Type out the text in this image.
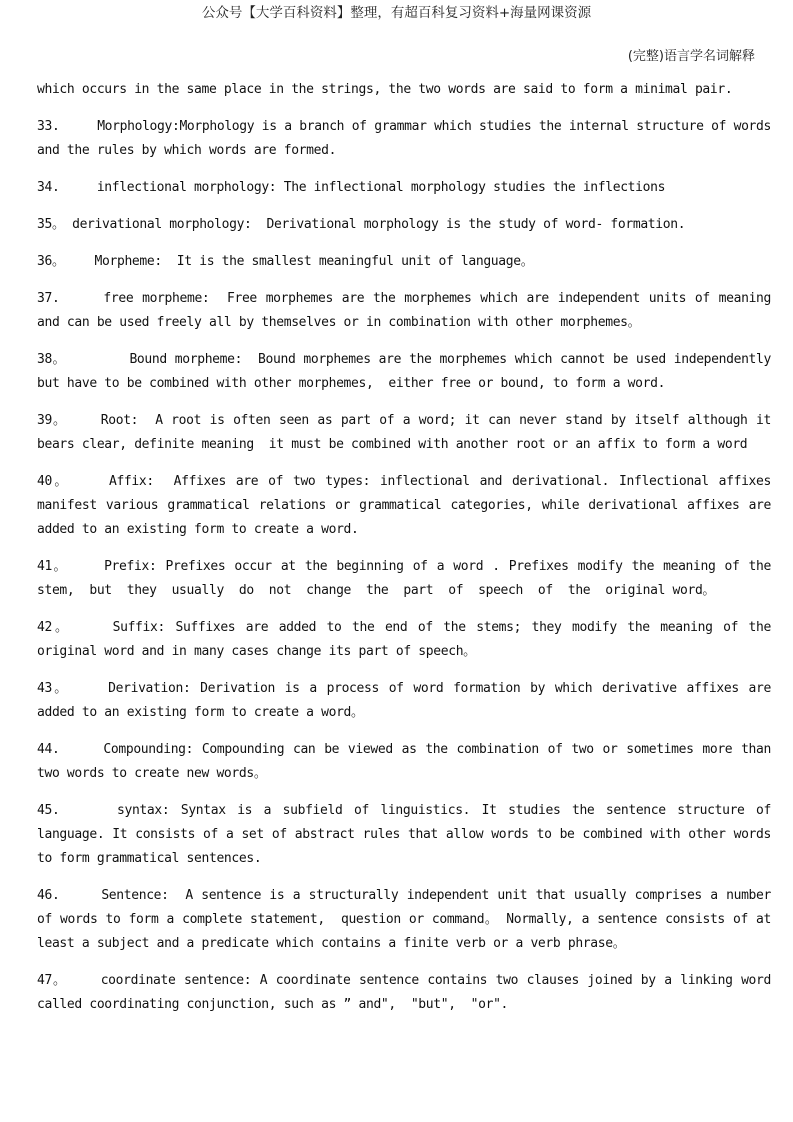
公众号【大学百科资料】整理，有超百科复习资料+海量网课资源
(完整)语言学名词解释

which occurs in the same place in the strings, the two words are said to form a minimal pair.

33.	Morphology:Morphology is a branch of grammar which studies the internal structure of words and the rules by which words are formed.

34.	inflectional morphology: The inflectional morphology studies the inflections

35。 derivational morphology:  Derivational morphology is the study of word- formation.

36。 Morpheme:  It is the smallest meaningful unit of language。

37.	free morpheme:  Free morphemes are the morphemes which are independent units of meaning and can be used freely all by themselves or in combination with other morphemes。

38。	Bound morpheme:  Bound morphemes are the morphemes which cannot be used independently but have to be combined with other morphemes,  either free or bound, to form a word.

39。	Root:  A root is often seen as part of a word; it can never stand by itself although it bears clear, definite meaning  it must be combined with another root or an affix to form a word

40。	Affix:  Affixes are of two types: inflectional and derivational. Inflectional affixes manifest various grammatical relations or grammatical categories, while derivational affixes are added to an existing form to create a word.

41。	Prefix: Prefixes occur at the beginning of a word . Prefixes modify the meaning of the stem,  but  they  usually  do  not  change  the  part  of  speech  of  the  original word。

42。	Suffix: Suffixes are added to the end of the stems; they modify the meaning of the original word and in many cases change its part of speech。

43。	Derivation: Derivation is a process of word formation by which derivative affixes are added to an existing form to create a word。

44.	Compounding: Compounding can be viewed as the combination of two or sometimes more than two words to create new words。

45.	syntax: Syntax is a subfield of linguistics. It studies the sentence structure of language. It consists of a set of abstract rules that allow words to be combined with other words to form grammatical sentences.

46.	Sentence:  A sentence is a structurally independent unit that usually comprises a number of words to form a complete statement,  question or command。 Normally, a sentence consists of at least a subject and a predicate which contains a finite verb or a verb phrase。

47。	coordinate sentence: A coordinate sentence contains two clauses joined by a linking word called coordinating conjunction, such as ” and",  "but",  "or".
